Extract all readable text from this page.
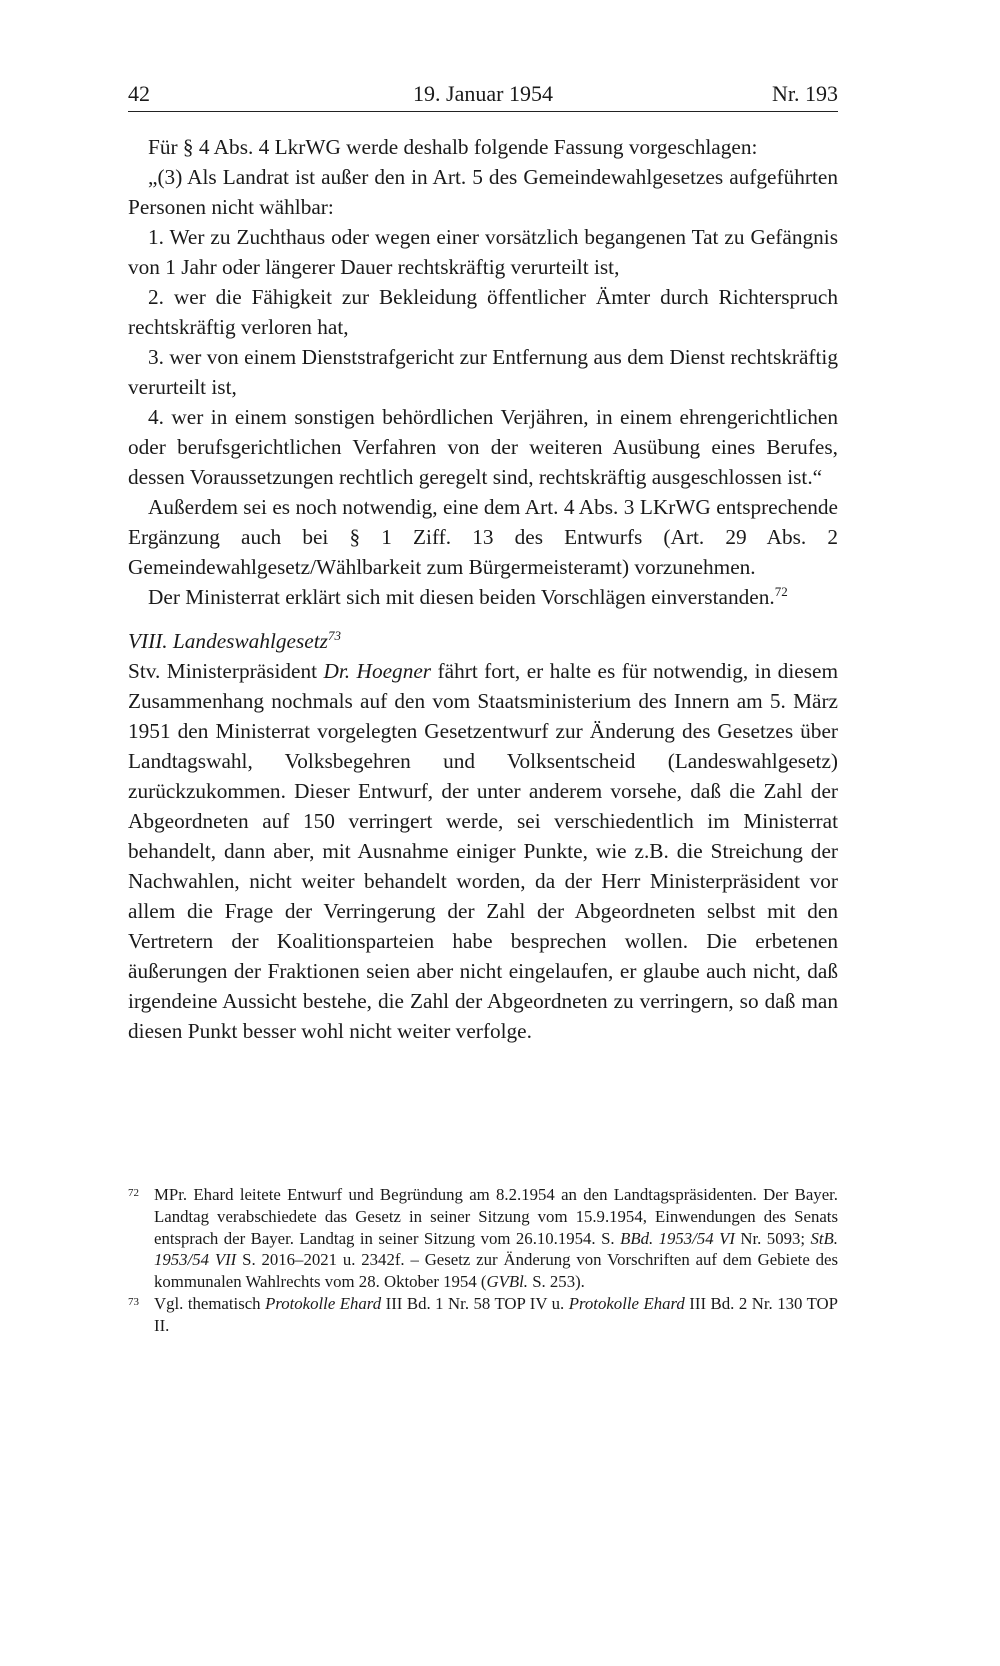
42	19. Januar 1954	Nr. 193

Für § 4 Abs. 4 LkrWG werde deshalb folgende Fassung vorgeschlagen:

„(3) Als Landrat ist außer den in Art. 5 des Gemeindewahlgesetzes aufgeführten Personen nicht wählbar:

1. Wer zu Zuchthaus oder wegen einer vorsätzlich begangenen Tat zu Gefängnis von 1 Jahr oder längerer Dauer rechtskräftig verurteilt ist,

2. wer die Fähigkeit zur Bekleidung öffentlicher Ämter durch Richterspruch rechtskräftig verloren hat,

3. wer von einem Dienststrafgericht zur Entfernung aus dem Dienst rechtskräftig verurteilt ist,

4. wer in einem sonstigen behördlichen Verjähren, in einem ehrengerichtlichen oder berufsgerichtlichen Verfahren von der weiteren Ausübung eines Berufes, dessen Voraussetzungen rechtlich geregelt sind, rechtskräftig ausgeschlossen ist.“

Außerdem sei es noch notwendig, eine dem Art. 4 Abs. 3 LKrWG entsprechende Ergänzung auch bei § 1 Ziff. 13 des Entwurfs (Art. 29 Abs. 2 Gemeindewahlgesetz/Wählbarkeit zum Bürgermeisteramt) vorzunehmen.

Der Ministerrat erklärt sich mit diesen beiden Vorschlägen einverstanden.$^{72}$

VIII. Landeswahlgesetz$^{73}$

Stv. Ministerpräsident Dr. Hoegner fährt fort, er halte es für notwendig, in diesem Zusammenhang nochmals auf den vom Staatsministerium des Innern am 5. März 1951 den Ministerrat vorgelegten Gesetzentwurf zur Änderung des Gesetzes über Landtagswahl, Volksbegehren und Volksentscheid (Landeswahlgesetz) zurückzukommen. Dieser Entwurf, der unter anderem vorsehe, daß die Zahl der Abgeordneten auf 150 verringert werde, sei verschiedentlich im Ministerrat behandelt, dann aber, mit Ausnahme einiger Punkte, wie z.B. die Streichung der Nachwahlen, nicht weiter behandelt worden, da der Herr Ministerpräsident vor allem die Frage der Verringerung der Zahl der Abgeordneten selbst mit den Vertretern der Koalitionsparteien habe besprechen wollen. Die erbetenen äußerungen der Fraktionen seien aber nicht eingelaufen, er glaube auch nicht, daß irgendeine Aussicht bestehe, die Zahl der Abgeordneten zu verringern, so daß man diesen Punkt besser wohl nicht weiter verfolge.

72 MPr. Ehard leitete Entwurf und Begründung am 8.2.1954 an den Landtagspräsidenten. Der Bayer. Landtag verabschiedete das Gesetz in seiner Sitzung vom 15.9.1954, Einwendungen des Senats entsprach der Bayer. Landtag in seiner Sitzung vom 26.10.1954. S. BBd. 1953/54 VI Nr. 5093; StB. 1953/54 VII S. 2016–2021 u. 2342f. – Gesetz zur Änderung von Vorschriften auf dem Gebiete des kommunalen Wahlrechts vom 28. Oktober 1954 (GVBl. S. 253).
73 Vgl. thematisch Protokolle Ehard III Bd. 1 Nr. 58 TOP IV u. Protokolle Ehard III Bd. 2 Nr. 130 TOP II.
